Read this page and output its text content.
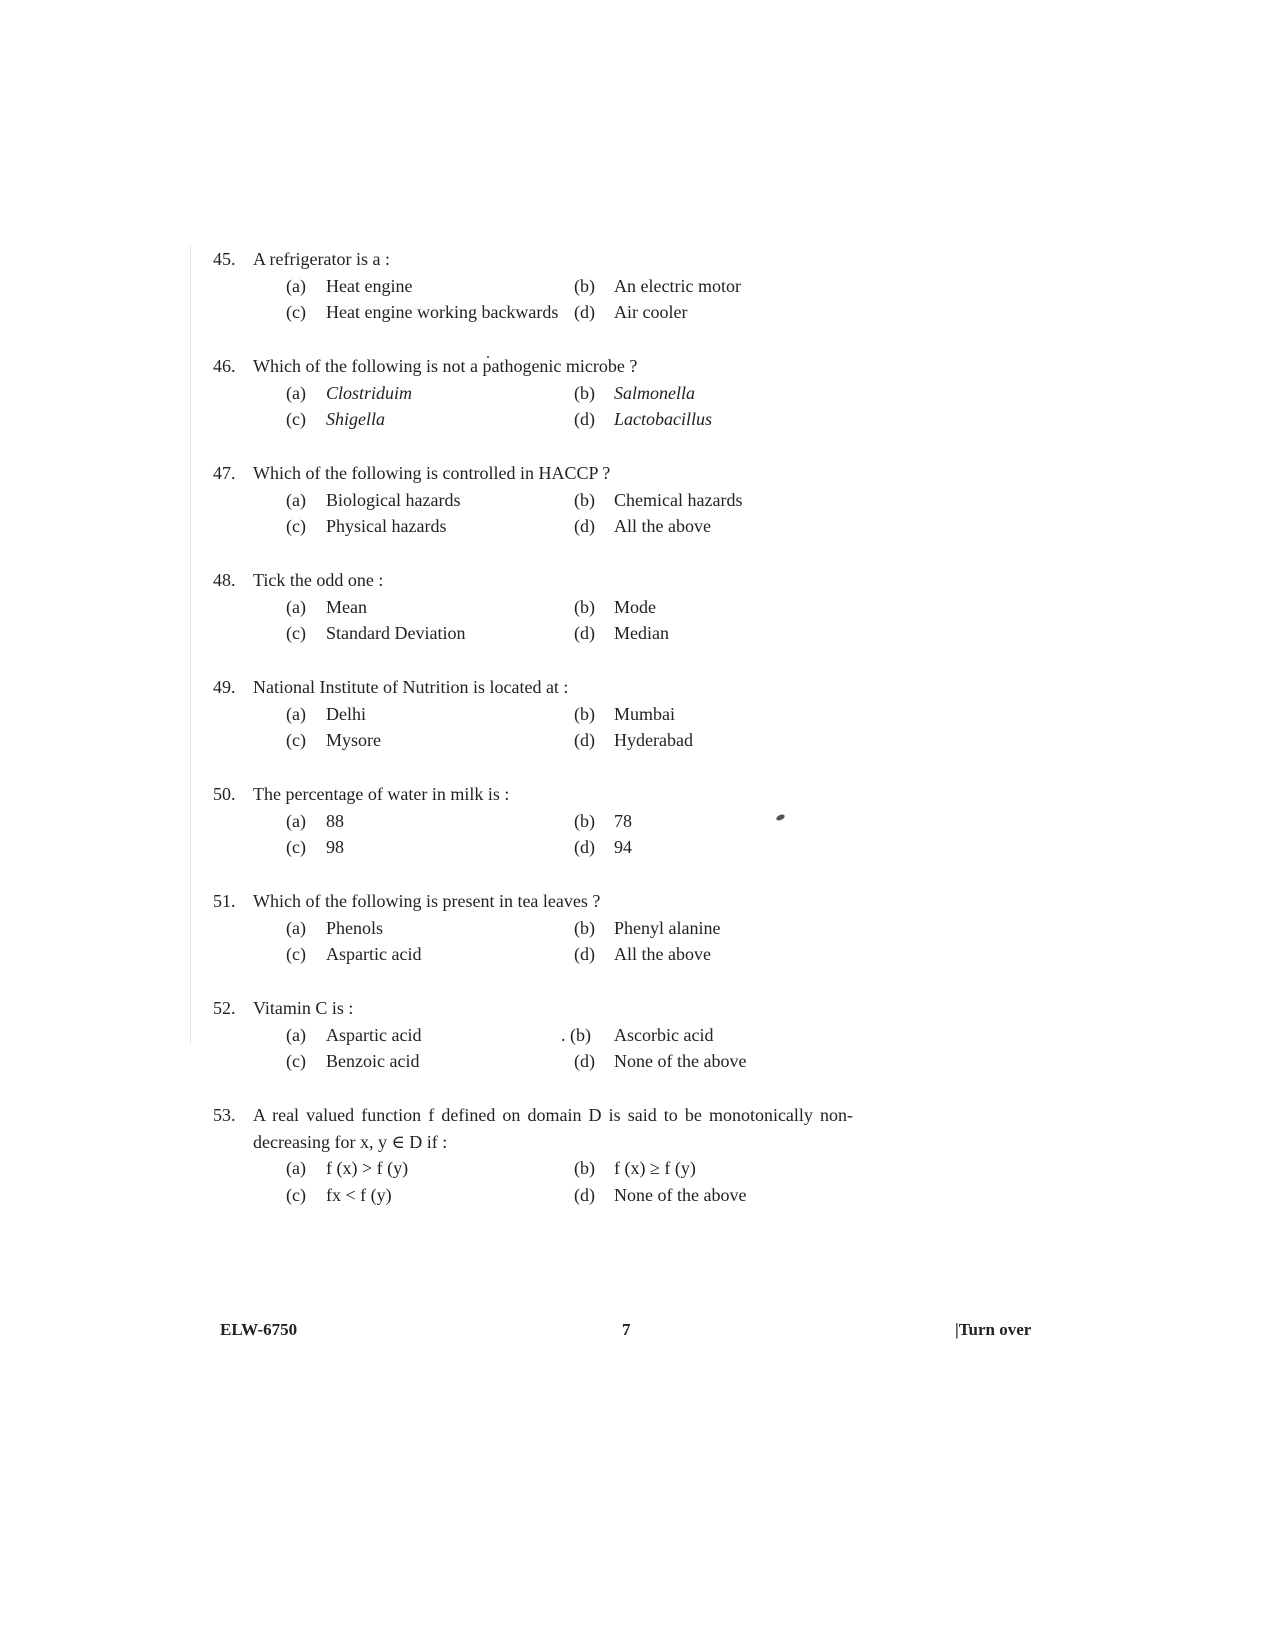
45. A refrigerator is a :
(a) Heat engine	(b) An electric motor
(c) Heat engine working backwards (d) Air cooler
46. Which of the following is not a pathogenic microbe ?
(a) Clostriduim	(b) Salmonella
(c) Shigella	(d) Lactobacillus
47. Which of the following is controlled in HACCP ?
(a) Biological hazards	(b) Chemical hazards
(c) Physical hazards	(d) All the above
48. Tick the odd one :
(a) Mean	(b) Mode
(c) Standard Deviation	(d) Median
49. National Institute of Nutrition is located at :
(a) Delhi	(b) Mumbai
(c) Mysore	(d) Hyderabad
50. The percentage of water in milk is :
(a) 88	(b) 78
(c) 98	(d) 94
51. Which of the following is present in tea leaves ?
(a) Phenols	(b) Phenyl alanine
(c) Aspartic acid	(d) All the above
52. Vitamin C is :
(a) Aspartic acid	. (b) Ascorbic acid
(c) Benzoic acid	(d) None of the above
53. A real valued function f defined on domain D is said to be monotonically non-decreasing for x, y ∈ D if :
(a) f (x) > f (y)	(b) f (x) ≥ f (y)
(c) fx < f (y)	(d) None of the above
ELW-6750	7	|Turn over
